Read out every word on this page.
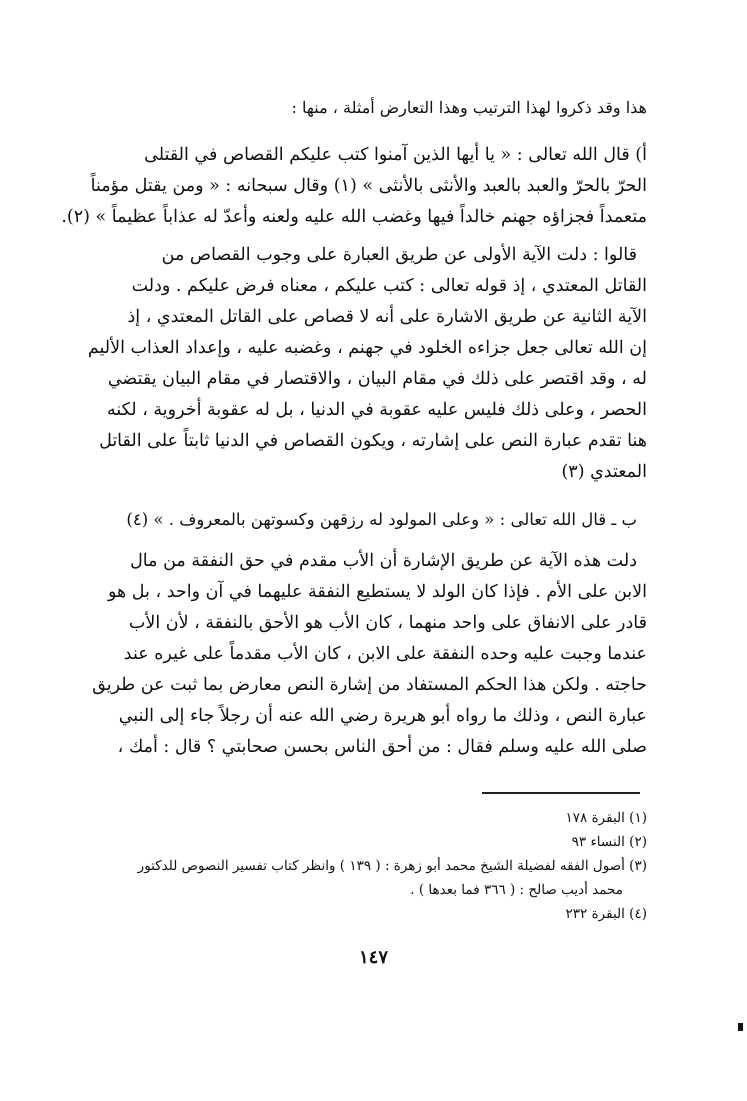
هذا وقد ذكروا لهذا الترتيب وهذا التعارض أمثلة ، منها :
أ) قال الله تعالى : « يا أيها الذين آمنوا كتب عليكم القصاص في القتلى
الحرّ بالحرّ والعبد بالعبد والأنثى بالأنثى » (١) وقال سبحانه : « ومن يقتل مؤمناً
متعمداً فجزاؤه جهنم خالداً فيها وغضب الله عليه ولعنه وأعدّ له عذاباً عظيماً » (٢).
قالوا : دلت الآية الأولى عن طريق العبارة على وجوب القصاص من
القاتل المعتدي ، إذ قوله تعالى : كتب عليكم ، معناه فرض عليكم . ودلت
الآية الثانية عن طريق الاشارة على أنه لا قصاص على القاتل المعتدي ، إذ
إن الله تعالى جعل جزاءه الخلود في جهنم ، وغضبه عليه ، وإعداد العذاب الأليم
له ، وقد اقتصر على ذلك في مقام البيان ، والاقتصار في مقام البيان يقتضي
الحصر ، وعلى ذلك فليس عليه عقوبة في الدنيا ، بل له عقوبة أخروية ، لكنه
هنا تقدم عبارة النص على إشارته ، ويكون القصاص في الدنيا ثابتاً على القاتل
المعتدي (٣)
ب ـ قال الله تعالى : « وعلى المولود له رزقهن وكسوتهن بالمعروف . » (٤)
دلت هذه الآية عن طريق الإشارة أن الأب مقدم في حق النفقة من مال
الابن على الأم . فإذا كان الولد لا يستطيع النفقة عليهما في آن واحد ، بل هو
قادر على الانفاق على واحد منهما ، كان الأب هو الأحق بالنفقة ، لأن الأب
عندما وجبت عليه وحده النفقة على الابن ، كان الأب مقدماً على غيره عند
حاجته . ولكن هذا الحكم المستفاد من إشارة النص معارض بما ثبت عن طريق
عبارة النص ، وذلك ما رواه أبو هريرة رضي الله عنه أن رجلاً جاء إلى النبي
صلى الله عليه وسلم فقال : من أحق الناس بحسن صحابتي ؟ قال : أمك ،
(١) البقرة ١٧٨
(٢) النساء ٩٣
(٣) أصول الفقه لفضيلة الشيخ محمد أبو زهرة : ( ١٣٩ ) وانظر كتاب تفسير النصوص للدكتور
محمد أديب صالح : ( ٣٦٦ فما بعدها ) .
(٤) البقرة ٢٣٢
١٤٧
